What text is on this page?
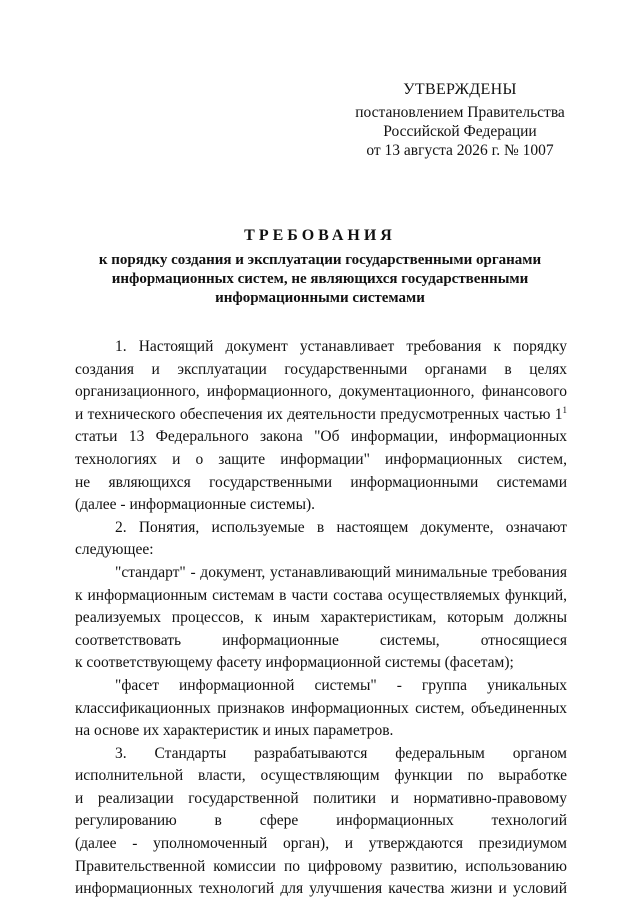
УТВЕРЖДЕНЫ
постановлением Правительства
Российской Федерации
от 13 августа 2026 г. № 1007
ТРЕБОВАНИЯ
к порядку создания и эксплуатации государственными органами
информационных систем, не являющихся государственными
информационными системами
1. Настоящий документ устанавливает требования к порядку
создания и эксплуатации государственными органами в целях
организационного, информационного, документационного, финансового
и технического обеспечения их деятельности предусмотренных частью $1^1$
статьи 13 Федерального закона "Об информации, информационных
технологиях и о защите информации" информационных систем,
не являющихся государственными информационными системами
(далее - информационные системы).
2. Понятия, используемые в настоящем документе, означают
следующее:
"стандарт" - документ, устанавливающий минимальные требования
к информационным системам в части состава осуществляемых функций,
реализуемых процессов, к иным характеристикам, которым должны
соответствовать информационные системы, относящиеся
к соответствующему фасету информационной системы (фасетам);
"фасет информационной системы" - группа уникальных
классификационных признаков информационных систем, объединенных
на основе их характеристик и иных параметров.
3. Стандарты разрабатываются федеральным органом
исполнительной власти, осуществляющим функции по выработке
и реализации государственной политики и нормативно-правовому
регулированию в сфере информационных технологий
(далее - уполномоченный орган), и утверждаются президиумом
Правительственной комиссии по цифровому развитию, использованию
информационных технологий для улучшения качества жизни и условий
